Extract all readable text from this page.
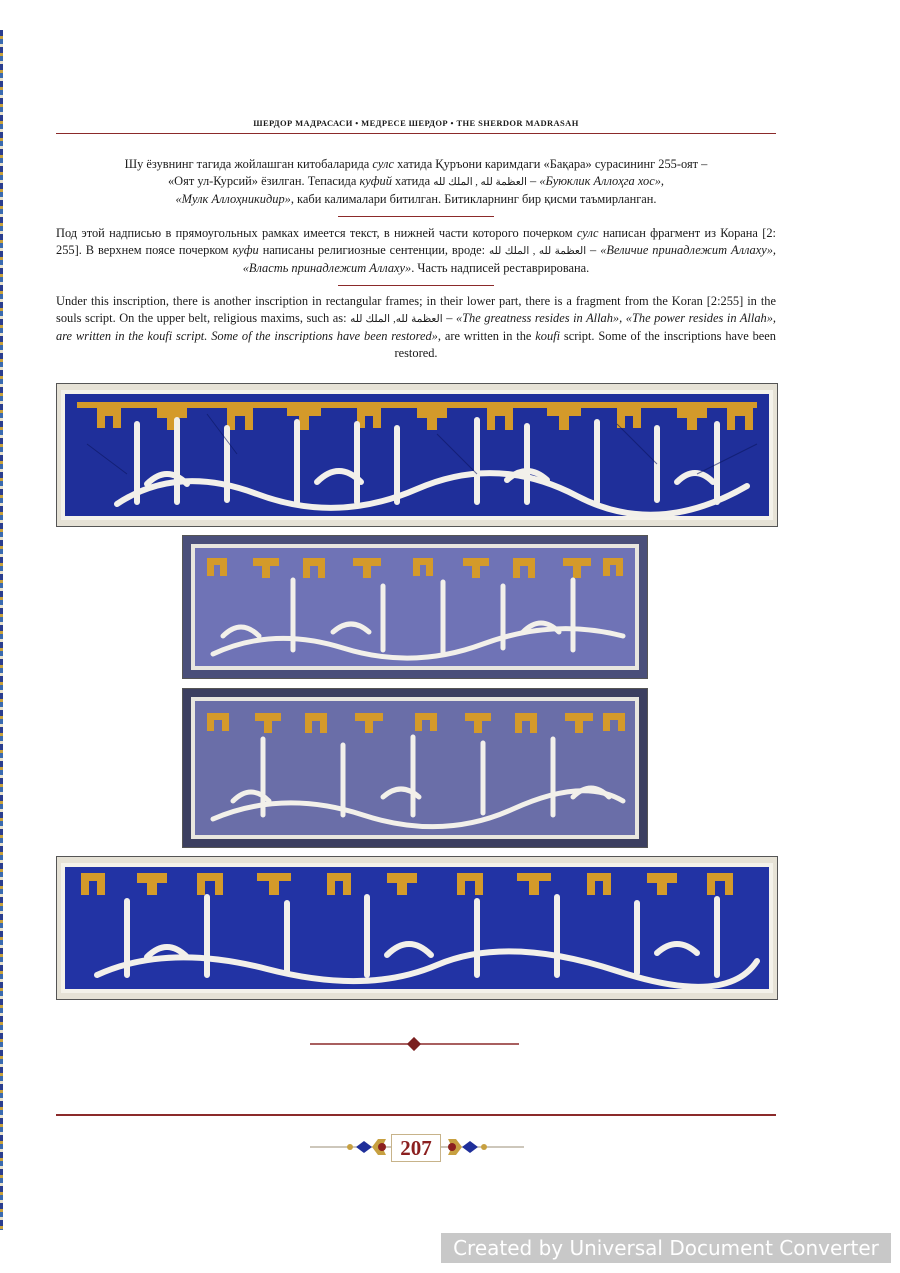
ШЕРДОР МАДРАСАСИ • МЕДРЕСЕ ШЕРДОР • THE SHERDOR MADRASAH

Шу ёзувнинг тагида жойлашган китобаларида сулс хатида Қуръони каримдаги «Бақара» сурасининг 255-оят –

«Оят ул-Курсий» ёзилган. Тепасида куфий хатида العظمة لله , الملك لله – «Буюклик Аллоҳга хос»,

«Мулк Аллоҳникидир», каби калималари битилган. Битикларнинг бир қисми таъмирланган.

Под этой надписью в прямоугольных рамках имеется текст, в нижней части которого почерком сулс написан фрагмент из Корана [2: 255]. В верхнем поясе почерком куфи написаны религиозные сентенции, вроде: العظمة لله , الملك لله – «Величие принадлежит Аллаху», «Власть принадлежит Аллаху». Часть надписей реставрирована.

Under this inscription, there is another inscription in rectangular frames; in their lower part, there is a fragment from the Koran [2:255] in the souls script. On the upper belt, religious maxims, such as: العظمة لله, الملك لله – «The greatness resides in Allah», «The power resides in Allah», are written in the koufi script. Some of the inscriptions have been restored», are written in the koufi script. Some of the inscriptions have been restored.

207
Created by Universal Document Converter
